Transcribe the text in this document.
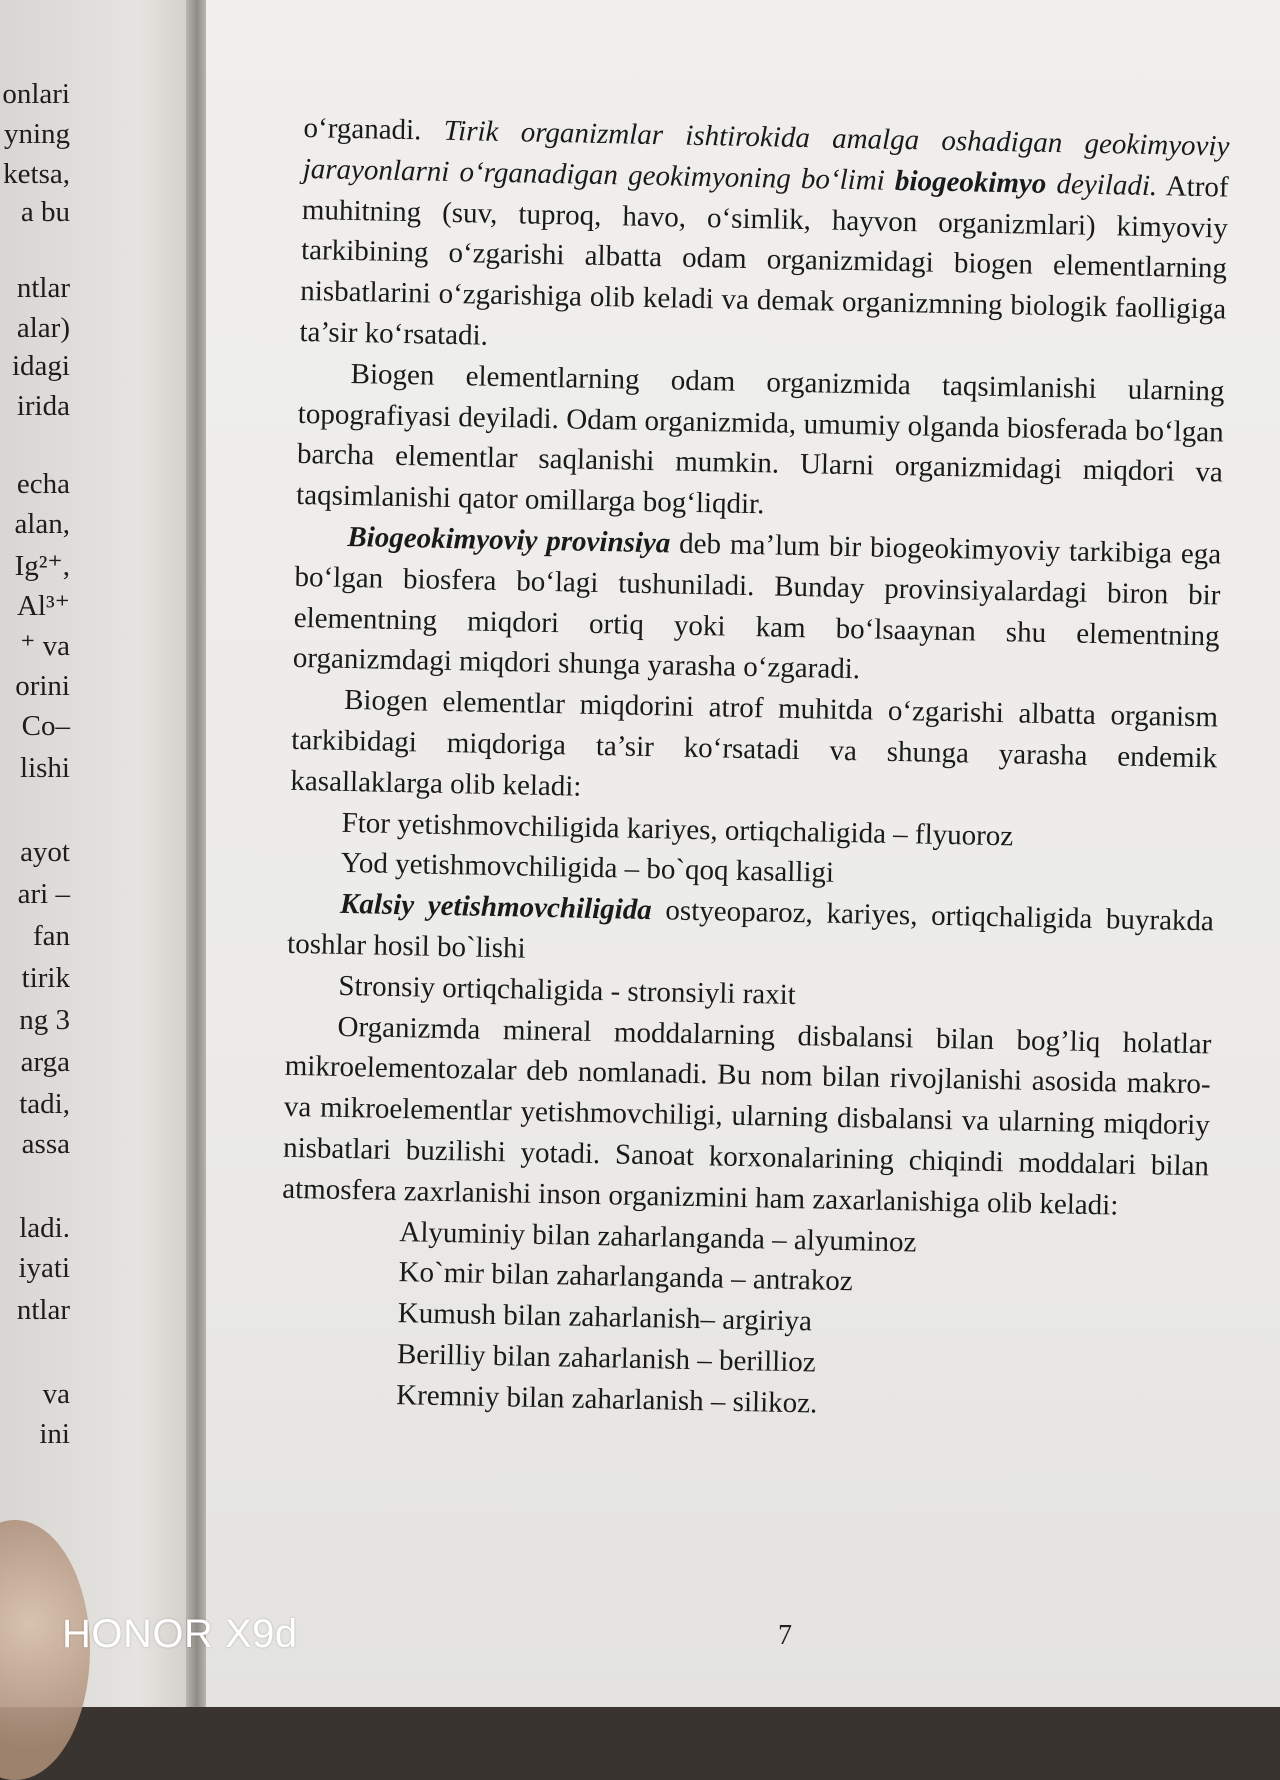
onlari
yning
ketsa,
a bu
ntlar
alar)
idagi
irida
echa
alan,
Ig²⁺,
Al³⁺
⁺ va
orini
Co–
lishi
ayot
ari –
fan
tirik
ng 3
arga
tadi,
assa
ladi.
iyati
ntlar
va
ini

o‘rganadi. Tirik organizmlar ishtirokida amalga oshadigan geokimyoviy jarayonlarni o‘rganadigan geokimyoning bo‘limi biogeokimyo deyiladi. Atrof muhitning (suv, tuproq, havo, o‘simlik, hayvon organizmlari) kimyoviy tarkibining o‘zgarishi albatta odam organizmidagi biogen elementlarning nisbatlarini o‘zgarishiga olib keladi va demak organizmning biologik faolligiga ta’sir ko‘rsatadi.

Biogen elementlarning odam organizmida taqsimlanishi ularning topografiyasi deyiladi. Odam organizmida, umumiy olganda biosferada bo‘lgan barcha elementlar saqlanishi mumkin. Ularni organizmidagi miqdori va taqsimlanishi qator omillarga bog‘liqdir.

Biogeokimyoviy provinsiya deb ma’lum bir biogeokimyoviy tarkibiga ega bo‘lgan biosfera bo‘lagi tushuniladi. Bunday provinsiyalardagi biron bir elementning miqdori ortiq yoki kam bo‘lsaaynan shu elementning organizmdagi miqdori shunga yarasha o‘zgaradi.

Biogen elementlar miqdorini atrof muhitda o‘zgarishi albatta organism tarkibidagi miqdoriga ta’sir ko‘rsatadi va shunga yarasha endemik kasallaklarga olib keladi:

Ftor yetishmovchiligida kariyes, ortiqchaligida – flyuoroz

Yod yetishmovchiligida – bo`qoq kasalligi

Kalsiy yetishmovchiligida ostyeoparoz, kariyes, ortiqchaligida buyrakda toshlar hosil bo`lishi

Stronsiy ortiqchaligida - stronsiyli raxit

Organizmda mineral moddalarning disbalansi bilan bog’liq holatlar mikroelementozalar deb nomlanadi. Bu nom bilan rivojlanishi asosida makro- va mikroelementlar yetishmovchiligi, ularning disbalansi va ularning miqdoriy nisbatlari buzilishi yotadi. Sanoat korxonalarining chiqindi moddalari bilan atmosfera zaxrlanishi inson organizmini ham zaxarlanishiga olib keladi:

Alyuminiy bilan zaharlanganda – alyuminoz

Ko`mir bilan zaharlanganda – antrakoz

Kumush bilan zaharlanish– argiriya

Berilliy bilan zaharlanish – berillioz

Kremniy bilan zaharlanish – silikoz.

7
HONOR X9d
